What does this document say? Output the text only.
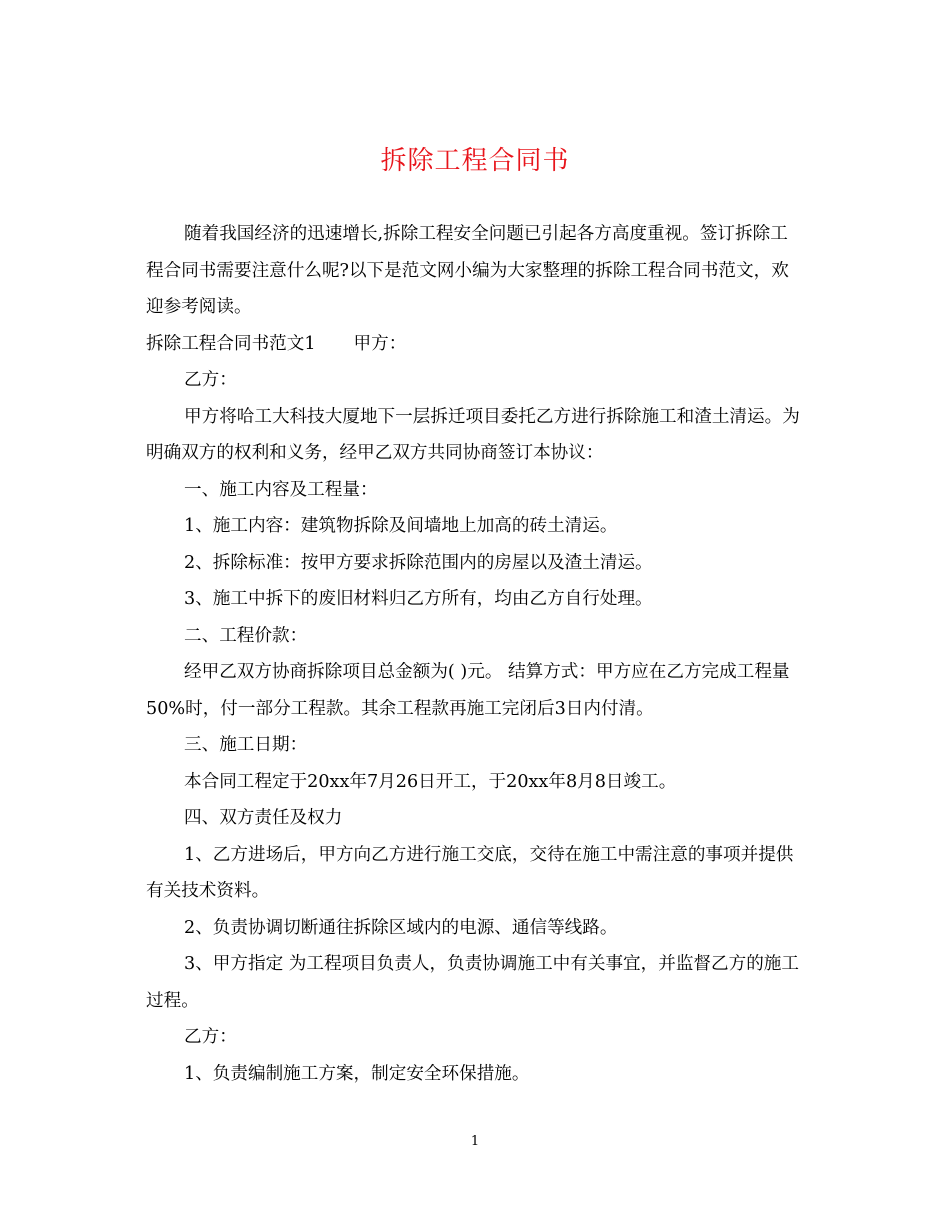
拆除工程合同书

随着我国经济的迅速增长,拆除工程安全问题已引起各方高度重视。签订拆除工程合同书需要注意什么呢?以下是范文网小编为大家整理的拆除工程合同书范文，欢迎参考阅读。

拆除工程合同书范文1 甲方：

乙方：

甲方将哈工大科技大厦地下一层拆迁项目委托乙方进行拆除施工和渣土清运。为明确双方的权利和义务，经甲乙双方共同协商签订本协议：

一、施工内容及工程量：

1、施工内容：建筑物拆除及间墙地上加高的砖土清运。

2、拆除标准：按甲方要求拆除范围内的房屋以及渣土清运。

3、施工中拆下的废旧材料归乙方所有，均由乙方自行处理。

二、工程价款：

经甲乙双方协商拆除项目总金额为( )元。 结算方式：甲方应在乙方完成工程量50%时，付一部分工程款。其余工程款再施工完闭后3日内付清。

三、施工日期：

本合同工程定于20xx年7月26日开工，于20xx年8月8日竣工。

四、双方责任及权力

1、乙方进场后，甲方向乙方进行施工交底，交待在施工中需注意的事项并提供有关技术资料。

2、负责协调切断通往拆除区域内的电源、通信等线路。

3、甲方指定 为工程项目负责人，负责协调施工中有关事宜，并监督乙方的施工过程。

乙方：

1、负责编制施工方案，制定安全环保措施。

1
